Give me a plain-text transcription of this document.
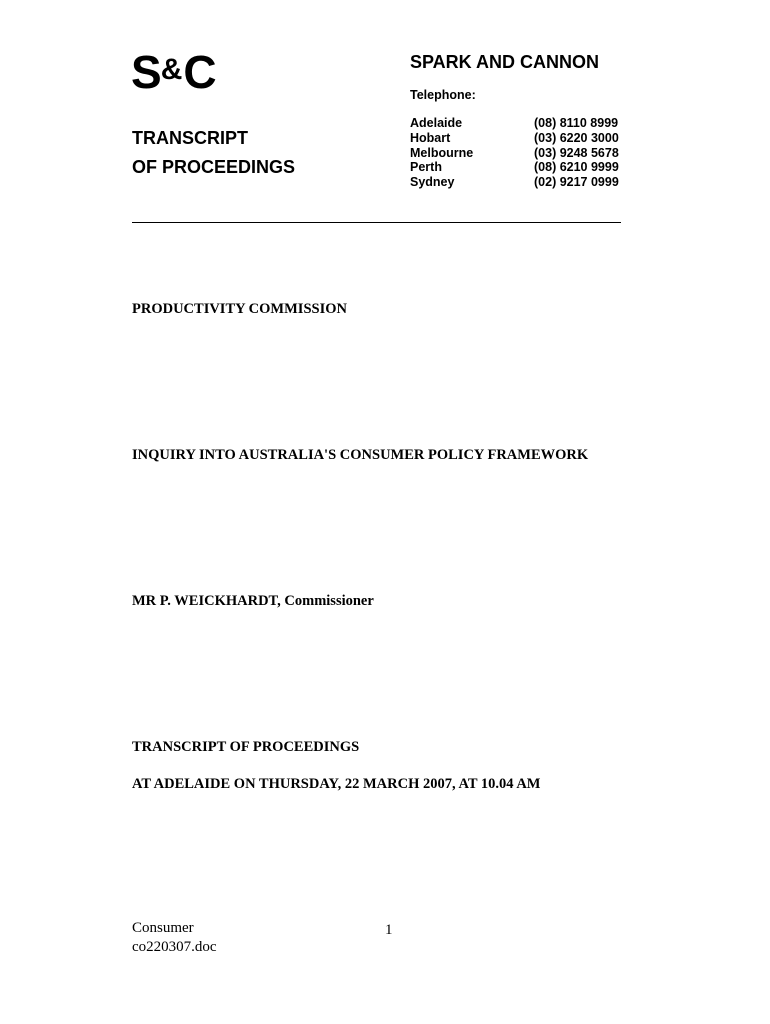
S&C
TRANSCRIPT
OF PROCEEDINGS
SPARK AND CANNON
Telephone:
Adelaide	(08) 8110 8999
Hobart	(03) 6220 3000
Melbourne	(03) 9248 5678
Perth	(08) 6210 9999
Sydney	(02) 9217 0999
PRODUCTIVITY COMMISSION
INQUIRY INTO AUSTRALIA'S CONSUMER POLICY FRAMEWORK
MR P. WEICKHARDT, Commissioner
TRANSCRIPT OF PROCEEDINGS
AT ADELAIDE ON THURSDAY, 22 MARCH 2007, AT 10.04 AM
Consumer
co220307.doc
1
